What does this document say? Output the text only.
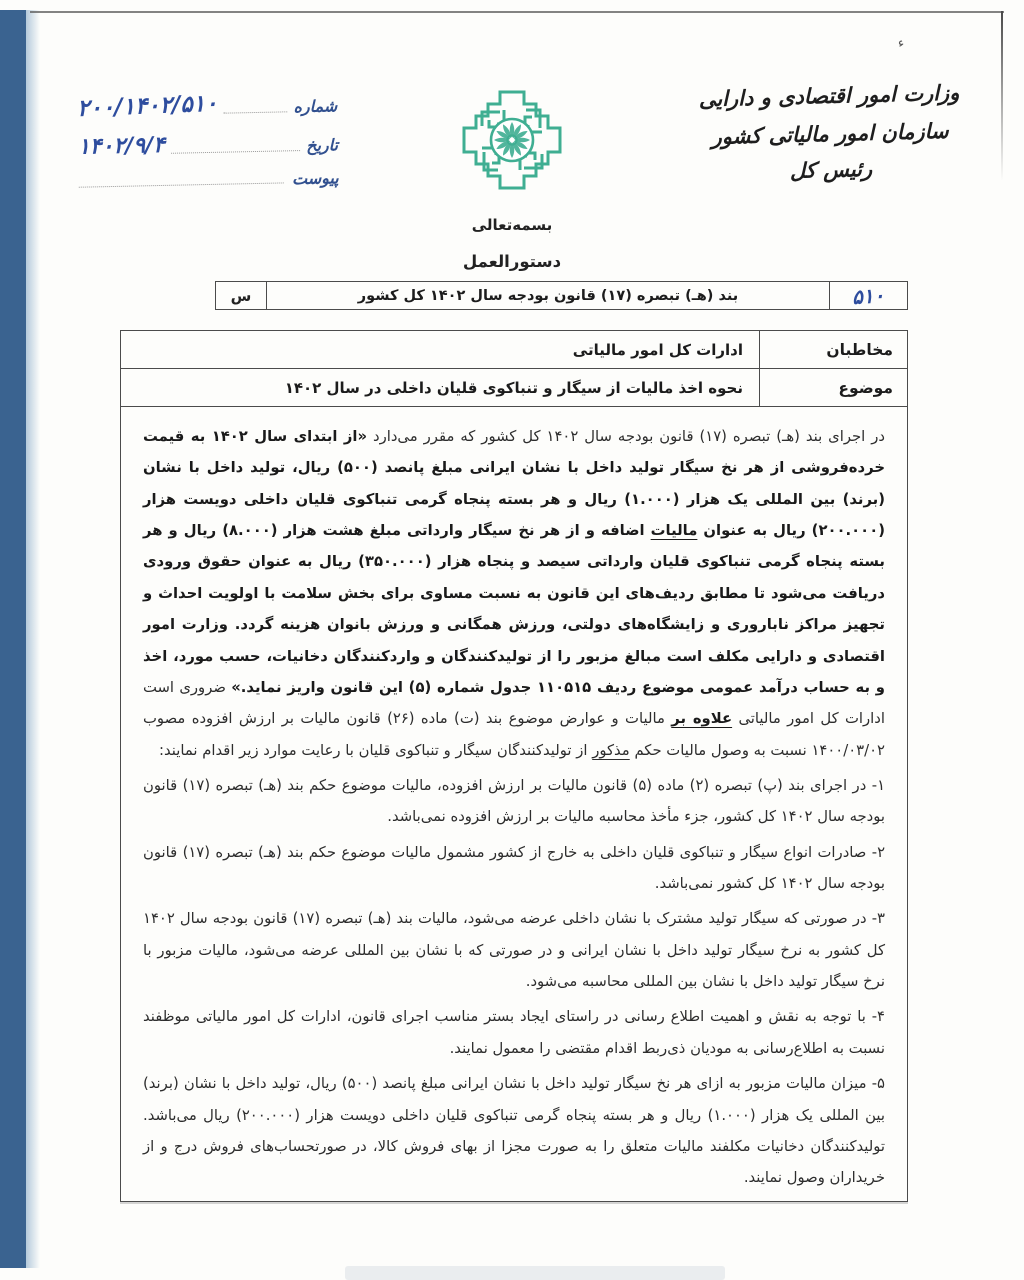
ء
شماره
۲۰۰/۱۴۰۲/۵۱۰
تاریخ
۱۴۰۲/۹/۴
پیوست
وزارت امور اقتصادی و دارایی
سازمان امور مالیاتی کشور
رئیس کل
بسمه‌تعالی
دستورالعمل
۵۱۰
بند (هـ) تبصره (۱۷) قانون بودجه سال ۱۴۰۲ کل کشور
س
مخاطبان
ادارات کل امور مالیاتی
موضوع
نحوه اخذ مالیات از سیگار و تنباکوی قلیان داخلی در سال ۱۴۰۲

در اجرای بند (هـ) تبصره (۱۷) قانون بودجه سال ۱۴۰۲ کل کشور که مقرر می‌دارد «از ابتدای سال ۱۴۰۲ به قیمت خرده‌فروشی از هر نخ سیگار تولید داخل با نشان ایرانی مبلغ پانصد (۵۰۰) ریال، تولید داخل با نشان (برند) بین المللی یک هزار (۱.۰۰۰) ریال و هر بسته پنجاه گرمی تنباکوی قلیان داخلی دویست هزار (۲۰۰.۰۰۰) ریال به عنوان مالیات اضافه و از هر نخ سیگار وارداتی مبلغ هشت هزار (۸.۰۰۰) ریال و هر بسته پنجاه گرمی تنباکوی قلیان وارداتی سیصد و پنجاه هزار (۳۵۰.۰۰۰) ریال به عنوان حقوق ورودی دریافت می‌شود تا مطابق ردیف‌های این قانون به نسبت مساوی برای بخش سلامت با اولویت احداث و تجهیز مراکز ناباروری و زایشگاه‌های دولتی، ورزش همگانی و ورزش بانوان هزینه گردد. وزارت امور اقتصادی و دارایی مکلف است مبالغ مزبور را از تولیدکنندگان و واردکنندگان دخانیات، حسب مورد، اخذ و به حساب درآمد عمومی موضوع ردیف ۱۱۰۵۱۵ جدول شماره (۵) این قانون واریز نماید.» ضروری است ادارات کل امور مالیاتی علاوه بر مالیات و عوارض موضوع بند (ت) ماده (۲۶) قانون مالیات بر ارزش افزوده مصوب ۱۴۰۰/۰۳/۰۲ نسبت به وصول مالیات حکم مذکور از تولیدکنندگان سیگار و تنباکوی قلیان با رعایت موارد زیر اقدام نمایند:

۱- در اجرای بند (پ) تبصره (۲) ماده (۵) قانون مالیات بر ارزش افزوده، مالیات موضوع حکم بند (هـ) تبصره (۱۷) قانون بودجه سال ۱۴۰۲ کل کشور، جزء مأخذ محاسبه مالیات بر ارزش افزوده نمی‌باشد.

۲- صادرات انواع سیگار و تنباکوی قلیان داخلی به خارج از کشور مشمول مالیات موضوع حکم بند (هـ) تبصره (۱۷) قانون بودجه سال ۱۴۰۲ کل کشور نمی‌باشد.

۳- در صورتی که سیگار تولید مشترک با نشان داخلی عرضه می‌شود، مالیات بند (هـ) تبصره (۱۷) قانون بودجه سال ۱۴۰۲ کل کشور به نرخ سیگار تولید داخل با نشان ایرانی و در صورتی که با نشان بین المللی عرضه می‌شود، مالیات مزبور با نرخ سیگار تولید داخل با نشان بین المللی محاسبه می‌شود.

۴- با توجه به نقش و اهمیت اطلاع رسانی در راستای ایجاد بستر مناسب اجرای قانون، ادارات کل امور مالیاتی موظفند نسبت به اطلاع‌رسانی به مودیان ذی‌ربط اقدام مقتضی را معمول نمایند.

۵- میزان مالیات مزبور به ازای هر نخ سیگار تولید داخل با نشان ایرانی مبلغ پانصد (۵۰۰) ریال، تولید داخل با نشان (برند) بین المللی یک هزار (۱.۰۰۰) ریال و هر بسته پنجاه گرمی تنباکوی قلیان داخلی دویست هزار (۲۰۰.۰۰۰) ریال می‌باشد. تولیدکنندگان دخانیات مکلفند مالیات متعلق را به صورت مجزا از بهای فروش کالا، در صورتحساب‌های فروش درج و از خریداران وصول نمایند.
